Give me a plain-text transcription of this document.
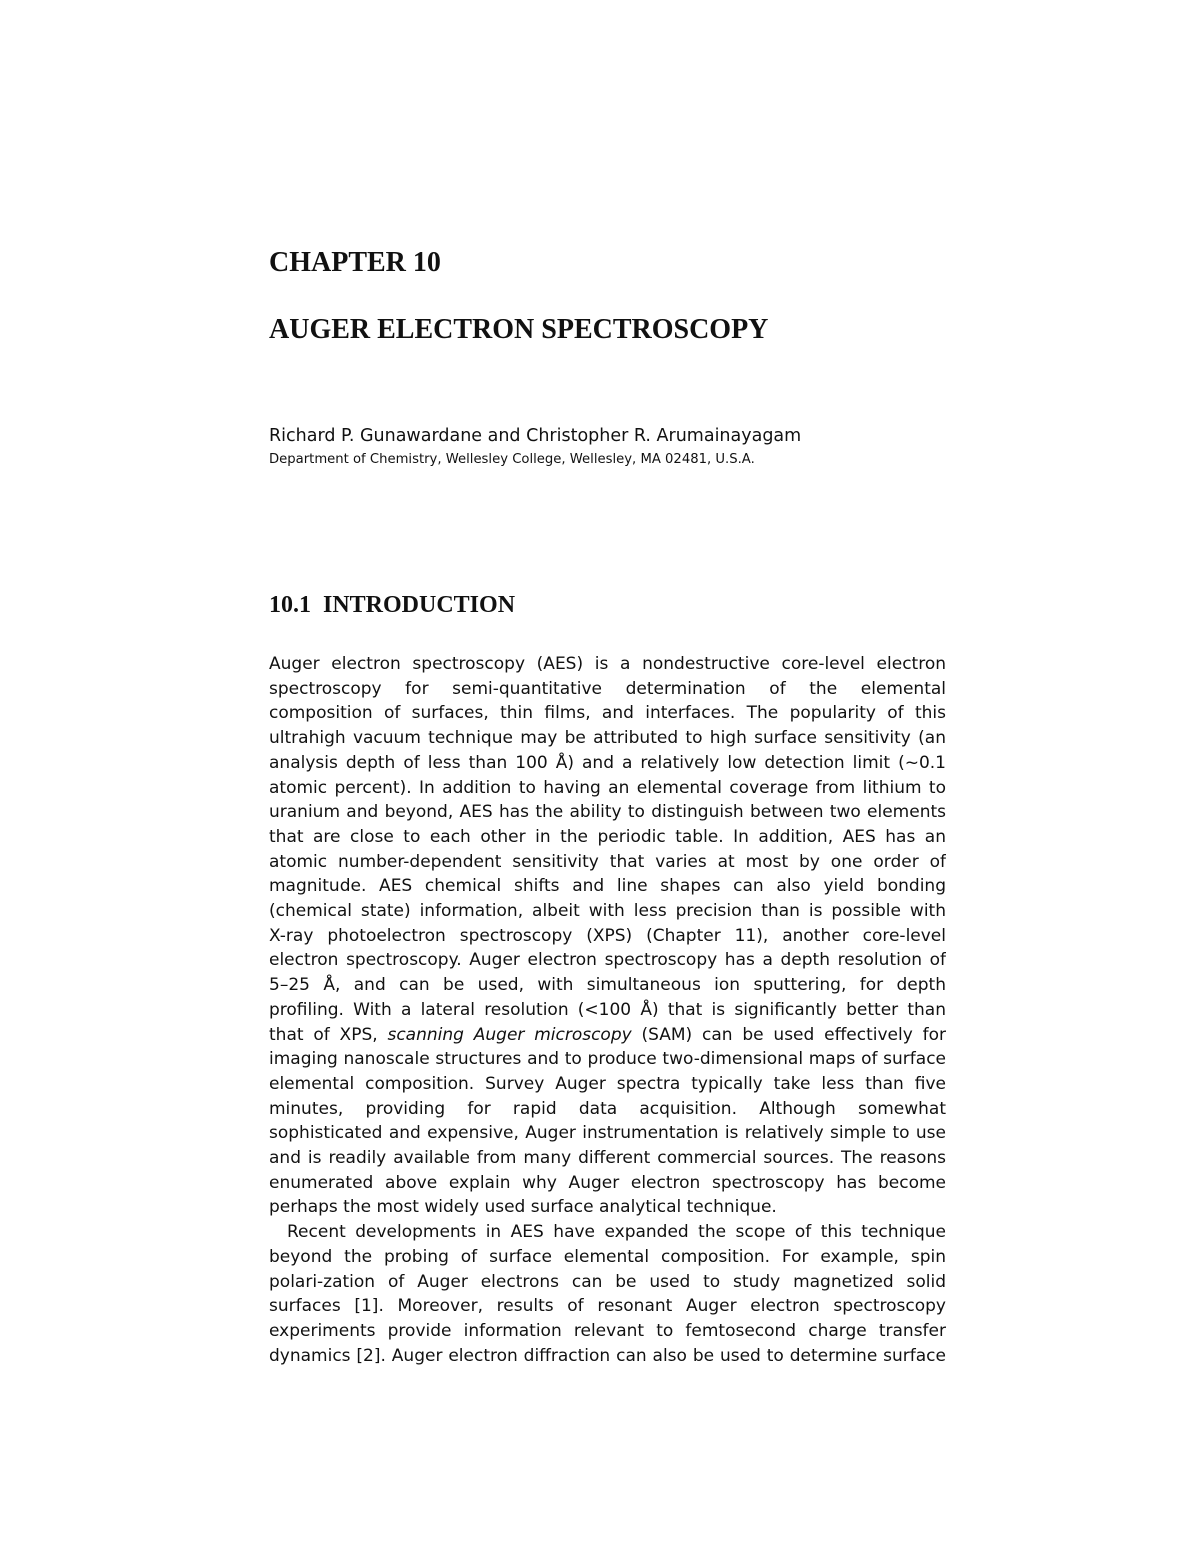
CHAPTER 10
AUGER ELECTRON SPECTROSCOPY
Richard P. Gunawardane and Christopher R. Arumainayagam
Department of Chemistry, Wellesley College, Wellesley, MA 02481, U.S.A.
10.1 INTRODUCTION
Auger electron spectroscopy (AES) is a nondestructive core-level electron
spectroscopy for semi-quantitative determination of the elemental
composition of surfaces, thin films, and interfaces. The popularity of this
ultrahigh vacuum technique may be attributed to high surface sensitivity (an
analysis depth of less than 100 Å) and a relatively low detection limit (~0.1
atomic percent). In addition to having an elemental coverage from lithium to
uranium and beyond, AES has the ability to distinguish between two elements
that are close to each other in the periodic table. In addition, AES has an
atomic number-dependent sensitivity that varies at most by one order of
magnitude. AES chemical shifts and line shapes can also yield bonding
(chemical state) information, albeit with less precision than is possible with
X-ray photoelectron spectroscopy (XPS) (Chapter 11), another core-level
electron spectroscopy. Auger electron spectroscopy has a depth resolution of
5–25 Å, and can be used, with simultaneous ion sputtering, for depth
profiling. With a lateral resolution (<100 Å) that is significantly better than
that of XPS, scanning Auger microscopy (SAM) can be used effectively for
imaging nanoscale structures and to produce two-dimensional maps of surface
elemental composition. Survey Auger spectra typically take less than five
minutes, providing for rapid data acquisition. Although somewhat
sophisticated and expensive, Auger instrumentation is relatively simple to use
and is readily available from many different commercial sources. The reasons
enumerated above explain why Auger electron spectroscopy has become
perhaps the most widely used surface analytical technique.
Recent developments in AES have expanded the scope of this technique
beyond the probing of surface elemental composition. For example, spin
polari-zation of Auger electrons can be used to study magnetized solid
surfaces [1]. Moreover, results of resonant Auger electron spectroscopy
experiments provide information relevant to femtosecond charge transfer
dynamics [2]. Auger electron diffraction can also be used to determine surface
